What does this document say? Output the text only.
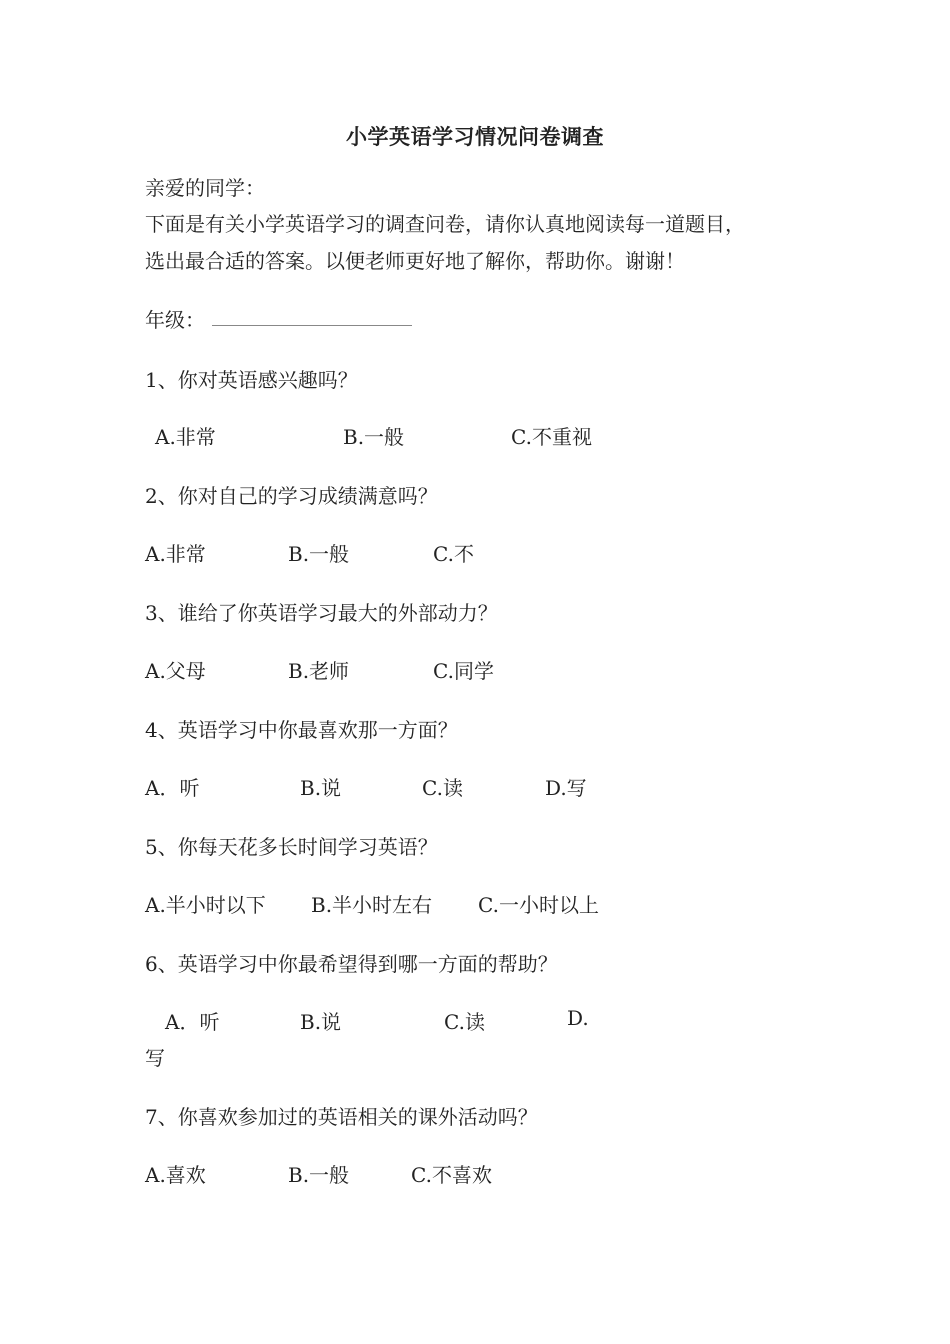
小学英语学习情况问卷调查
亲爱的同学：
下面是有关小学英语学习的调查问卷，请你认真地阅读每一道题目，
选出最合适的答案。以便老师更好地了解你，帮助你。谢谢！
年级：
1、你对英语感兴趣吗？
A.非常	B.一般	C.不重视
2、你对自己的学习成绩满意吗？
A.非常	B.一般	C.不
3、谁给了你英语学习最大的外部动力？
A.父母	B.老师	C.同学
4、英语学习中你最喜欢那一方面？
A．听	B.说	C.读	D.写
5、你每天花多长时间学习英语？
A.半小时以下 B.半小时左右 C.一小时以上
6、英语学习中你最希望得到哪一方面的帮助？
A．听	B.说	C.读	D.
写
7、你喜欢参加过的英语相关的课外活动吗？
A.喜欢	B.一般	C.不喜欢
